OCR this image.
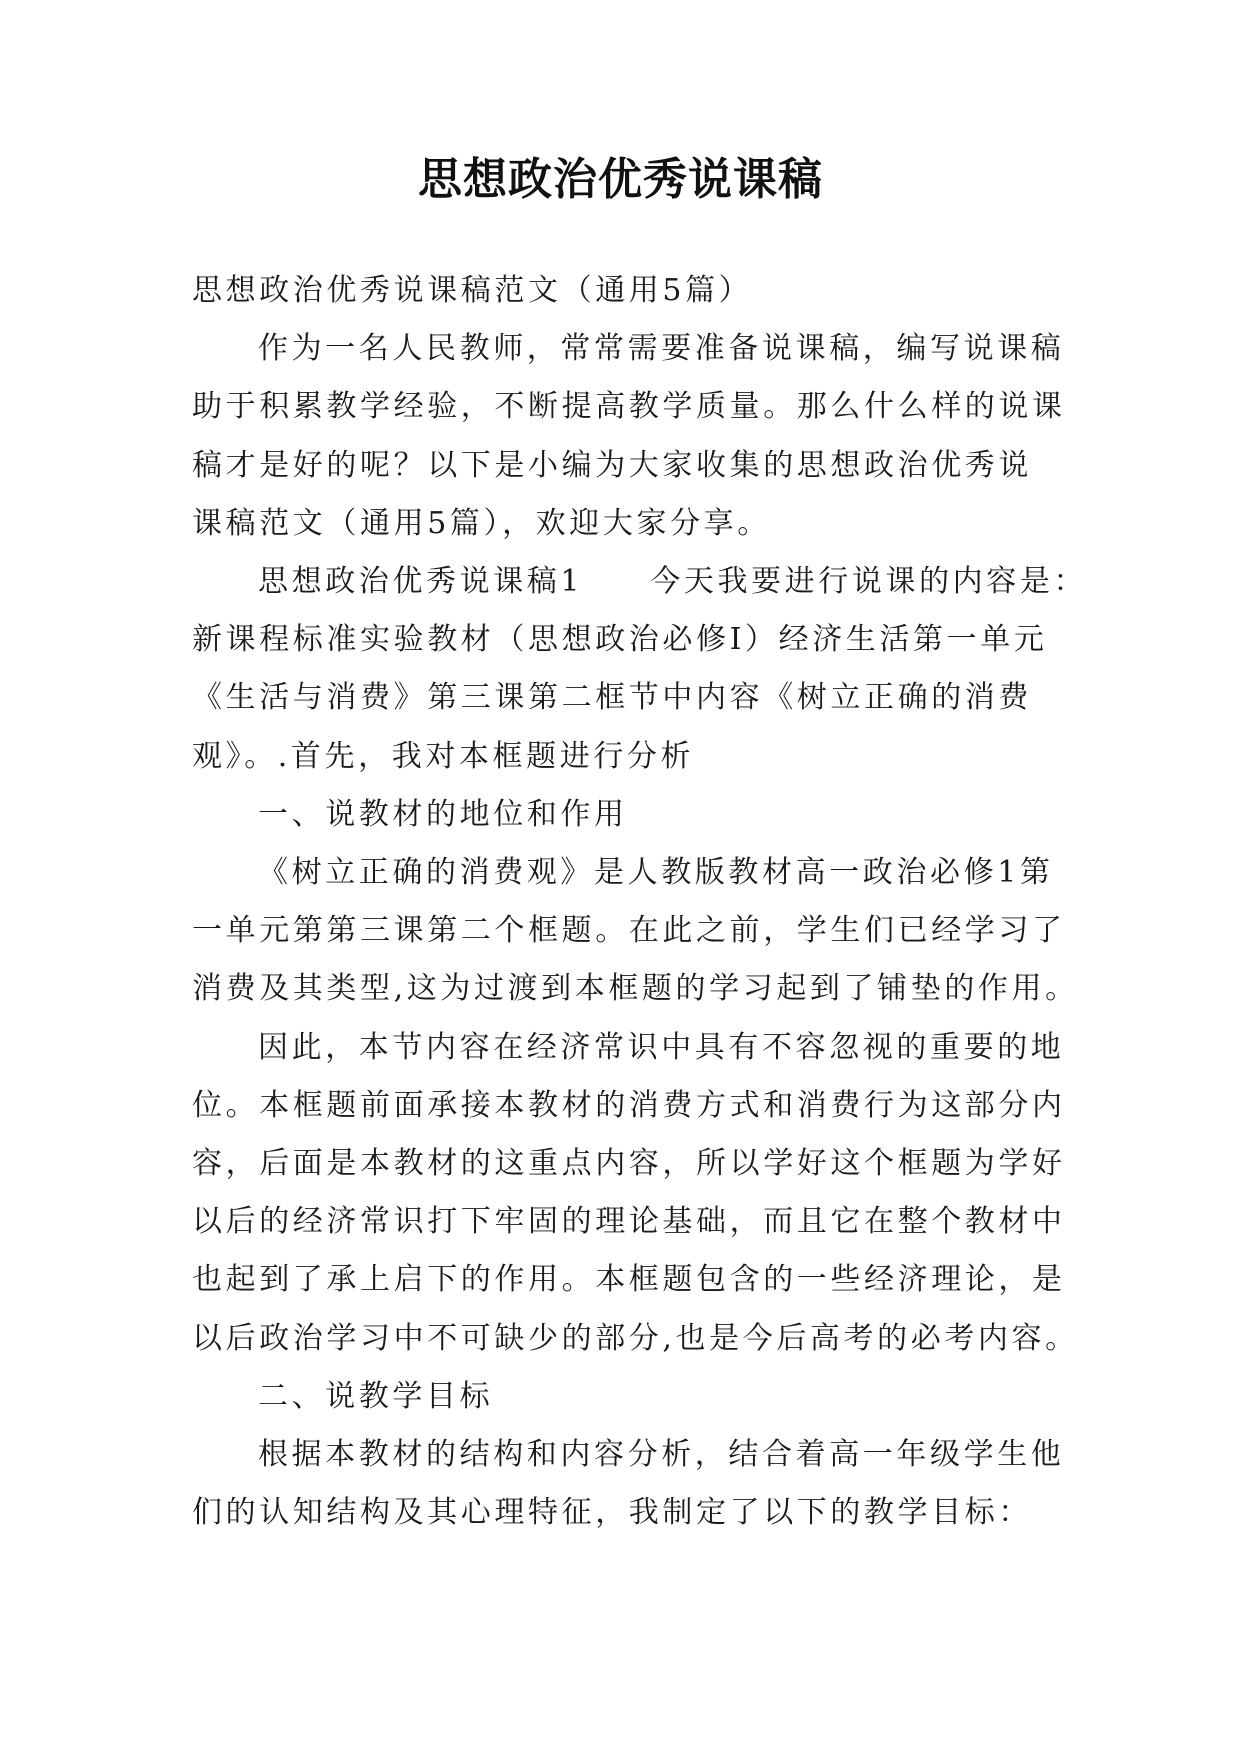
思想政治优秀说课稿

思想政治优秀说课稿范文（通用5篇）

作为一名人民教师，常常需要准备说课稿，编写说课稿

助于积累教学经验，不断提高教学质量。那么什么样的说课

稿才是好的呢？以下是小编为大家收集的思想政治优秀说

课稿范文（通用5篇），欢迎大家分享。

思想政治优秀说课稿1　　今天我要进行说课的内容是：

新课程标准实验教材（思想政治必修Ⅰ）经济生活第一单元

《生活与消费》第三课第二框节中内容《树立正确的消费

观》。.首先，我对本框题进行分析

一、说教材的地位和作用

《树立正确的消费观》是人教版教材高一政治必修1第

一单元第第三课第二个框题。在此之前，学生们已经学习了

消费及其类型,这为过渡到本框题的学习起到了铺垫的作用。

因此，本节内容在经济常识中具有不容忽视的重要的地

位。本框题前面承接本教材的消费方式和消费行为这部分内

容，后面是本教材的这重点内容，所以学好这个框题为学好

以后的经济常识打下牢固的理论基础，而且它在整个教材中

也起到了承上启下的作用。本框题包含的一些经济理论，是

以后政治学习中不可缺少的部分,也是今后高考的必考内容。

二、说教学目标

根据本教材的结构和内容分析，结合着高一年级学生他

们的认知结构及其心理特征，我制定了以下的教学目标：
